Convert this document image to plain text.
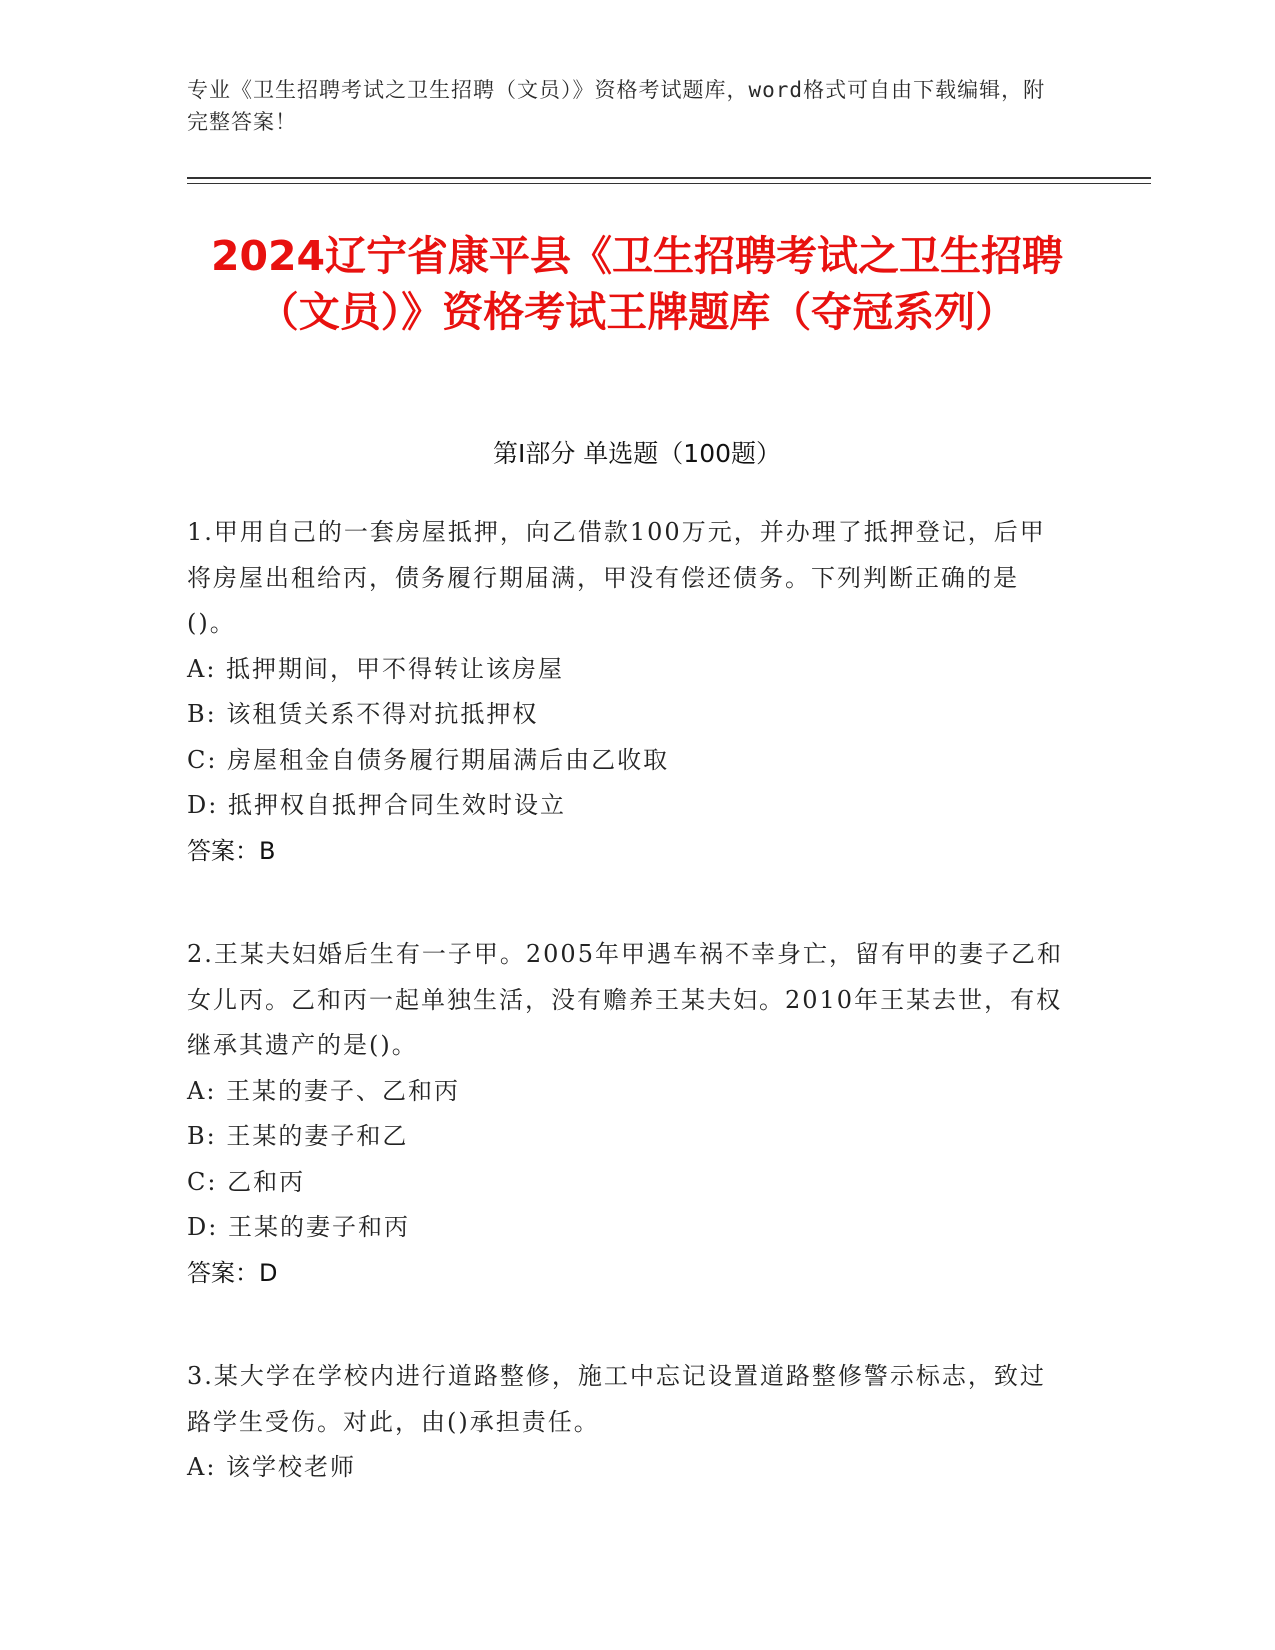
专业《卫生招聘考试之卫生招聘（文员）》资格考试题库，word格式可自由下载编辑，附完整答案！
2024辽宁省康平县《卫生招聘考试之卫生招聘（文员）》资格考试王牌题库（夺冠系列）
第I部分 单选题（100题）

1.甲用自己的一套房屋抵押，向乙借款100万元，并办理了抵押登记，后甲将房屋出租给丙，债务履行期届满，甲没有偿还债务。下列判断正确的是()。

A: 抵押期间，甲不得转让该房屋

B: 该租赁关系不得对抗抵押权

C: 房屋租金自债务履行期届满后由乙收取

D: 抵押权自抵押合同生效时设立

答案：B

2.王某夫妇婚后生有一子甲。2005年甲遇车祸不幸身亡，留有甲的妻子乙和女儿丙。乙和丙一起单独生活，没有赡养王某夫妇。2010年王某去世，有权继承其遗产的是()。

A: 王某的妻子、乙和丙

B: 王某的妻子和乙

C: 乙和丙

D: 王某的妻子和丙

答案：D

3.某大学在学校内进行道路整修，施工中忘记设置道路整修警示标志，致过路学生受伤。对此，由()承担责任。

A: 该学校老师
